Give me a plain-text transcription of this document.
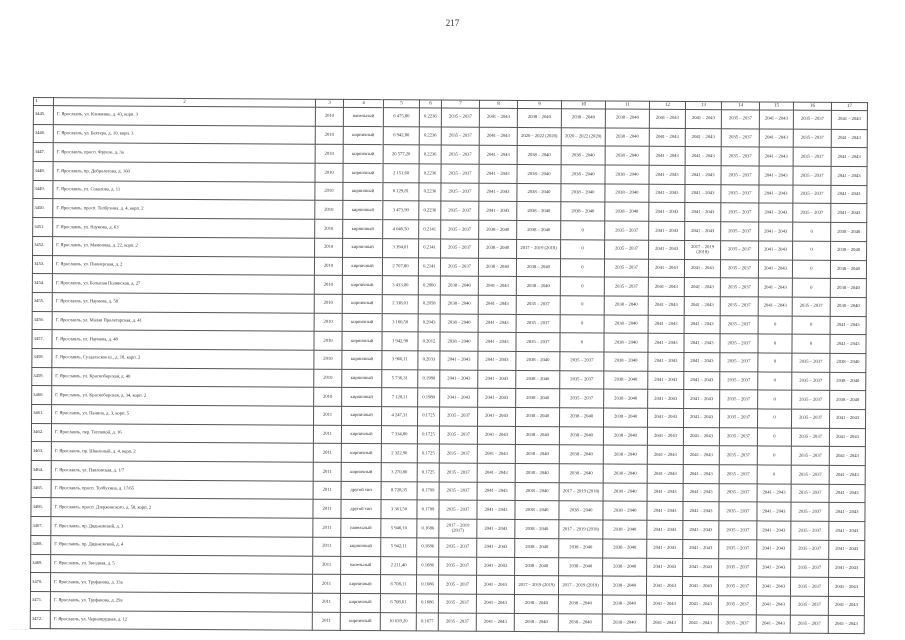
217
1	2	3	4	5	6	7	8	9	10	11	12	13	14	15	16	17
3445.	Г. Ярославль, ул. Клименко, д. 43, корп. 3	2010	панельный	6 475,80	0.2236	2035 – 2037	2041 – 2043	2038 – 2040	2038 – 2040	2038 – 2040	2041 – 2043	2041 – 2043	2035 – 2037	2041 – 2043	2035 – 2037	2041 – 2043
3446.	Г. Ярославль, ул. Бехтера, д. 10, корп. 3	2010	кирпичный	6 942,80	0.2236	2035 – 2037	2041 – 2043	2020 – 2022 (2020)	2020 – 2022 (2020)	2038 – 2040	2041 – 2043	2041 – 2043	2035 – 2037	2041 – 2043	2035 – 2037	2041 – 2043
3447.	Г. Ярославль, просп. Фрунзе, д. 3а	2010	кирпичный	20 577,20	0.2236	2035 – 2037	2041 – 2043	2038 – 2040	2038 – 2040	2038 – 2040	2041 – 2043	2041 – 2043	2035 – 2037	2041 – 2043	2035 – 2037	2041 – 2043
3448.	Г. Ярославль, пр. Добролетова, д. 160	2010	кирпичный	2 151,60	0.2236	2035 – 2037	2041 – 2043	2038 – 2040	2038 – 2040	2038 – 2040	2041 – 2043	2041 – 2043	2035 – 2037	2041 – 2043	2035 – 2037	2041 – 2043
3449.	Г. Ярославль, ул. Соколова, д. 11	2010	кирпичный	6 129,81	0.2236	2035 – 2037	2041 – 2043	2038 – 2040	2038 – 2040	2038 – 2040	2041 – 2043	2041 – 2043	2035 – 2037	2041 – 2043	2035 – 2037	2041 – 2043
3450.	Г. Ярославль, просп. Толбухина, д. 4, корп. 2	2010	кирпичный	3 473,90	0.2236	2035 – 2037	2041 – 2043	2038 – 2040	2038 – 2040	2038 – 2040	2041 – 2043	2041 – 2043	2035 – 2037	2041 – 2043	2035 – 2037	2041 – 2043
3451.	Г. Ярославль, ул. Наумова, д. 63	2010	кирпичный	4 046,50	0.2141	2035 – 2037	2038 – 2040	2038 – 2040	0	2035 – 2037	2041 – 2043	2041 – 2043	2035 – 2037	2041 – 2043	0	2038 – 2040
3452.	Г. Ярославль, ул. Мамонова, д. 22, корп. 2	2010	кирпичный	3 394,01	0.2141	2035 – 2037	2038 – 2040	2017 – 2019 (2018)	0	2035 – 2037	2041 – 2043	2017 – 2019 (2018)	2035 – 2037	2041 – 2043	0	2038 – 2040
3453.	Г. Ярославль, ул. Пионерская, д. 2	2010	кирпичный	2 707,80	0.2141	2035 – 2037	2038 – 2040	2038 – 2040	0	2035 – 2037	2041 – 2043	2041 – 2043	2035 – 2037	2041 – 2043	0	2038 – 2040
3454.	Г. Ярославль, ул. Большая Полянская, д. 27	2010	кирпичный	3 433,00	0.2060	2038 – 2040	2041 – 2043	2038 – 2040	0	2035 – 2037	2041 – 2043	2041 – 2043	2035 – 2037	2041 – 2043	0	2038 – 2040
3455.	Г. Ярославль, ул. Наумова, д. 58	2010	кирпичный	2 338,01	0.2058	2038 – 2040	2041 – 2043	2035 – 2037	0	2038 – 2040	2041 – 2043	2041 – 2043	2035 – 2037	2041 – 2043	2035 – 2037	2038 – 2040
3456.	Г. Ярославль, ул. Малая Пролетарская, д. 41	2010	кирпичный	3 160,50	0.2043	2038 – 2040	2041 – 2043	2035 – 2037	0	2038 – 2040	2041 – 2043	2041 – 2043	2035 – 2037	0	0	2041 – 2043
3457.	Г. Ярославль, ул. Наумова, д. 48	2010	кирпичный	1 942,98	0.2012	2038 – 2040	2041 – 2043	2035 – 2037	0	2038 – 2040	2041 – 2043	2041 – 2043	2035 – 2037	0	0	2041 – 2043
3458.	Г. Ярославль, Суздальское ш., д. 18, корп. 2	2010	кирпичный	3 960,11	0.2033	2041 – 2043	2041 – 2043	2038 – 2040	2035 – 2037	2038 – 2040	2041 – 2043	2041 – 2043	2035 – 2037	0	2035 – 2037	2038 – 2040
3459.	Г. Ярославль, ул. Красноборская, д. 40	2010	кирпичный	5 736,31	0.1980	2041 – 2043	2041 – 2043	2038 – 2040	2035 – 2037	2038 – 2040	2041 – 2043	2041 – 2043	2035 – 2037	0	2035 – 2037	2038 – 2040
3460.	Г. Ярославль, ул. Красноборская, д. 34, корп. 2	2010	кирпичный	7 120,11	0.1980	2041 – 2043	2041 – 2043	2038 – 2040	2035 – 2037	2038 – 2040	2041 – 2043	2041 – 2043	2035 – 2037	0	2035 – 2037	2038 – 2040
3461.	Г. Ярославль, ул. Панина, д. 3, корп. 5	2011	кирпичный	4 247,31	0.1725	2035 – 2037	2041 – 2043	2038 – 2040	2038 – 2040	2038 – 2040	2041 – 2043	2041 – 2043	2035 – 2037	0	2035 – 2037	2041 – 2043
3462.	Г. Ярославль, пер. Тепловой, д. 16	2011	кирпичный	7 334,80	0.1725	2035 – 2037	2041 – 2043	2038 – 2040	2038 – 2040	2038 – 2040	2041 – 2043	2041 – 2043	2035 – 2037	0	2035 – 2037	2041 – 2043
3463.	Г. Ярославль, пр. Школьный, д. 4, корп. 2	2011	кирпичный	2 322,90	0.1725	2035 – 2037	2041 – 2043	2038 – 2040	2038 – 2040	2038 – 2040	2041 – 2043	2041 – 2043	2035 – 2037	0	2035 – 2037	2041 – 2043
3464.	Г. Ярославль, ул. Павловская, д. 1/7	2011	кирпичный	3 270,80	0.1725	2035 – 2037	2041 – 2043	2038 – 2040	2038 – 2040	2038 – 2040	2041 – 2043	2041 – 2043	2035 – 2037	0	2035 – 2037	2041 – 2043
3465.	Г. Ярославль, просп. Толбухина, д. 17/65	2011	другой тип	8 728,35	0.1709	2035 – 2037	2041 – 2043	2038 – 2040	2017 – 2019 (2018)	2038 – 2040	2041 – 2043	2041 – 2043	2035 – 2037	2041 – 2043	2035 – 2037	2041 – 2043
3466.	Г. Ярославль, просп. Дзержинского, д. 58, корп. 2	2011	другой тип	3 361,50	0.1709	2035 – 2037	2041 – 2043	2038 – 2040	2038 – 2040	2038 – 2040	2041 – 2043	2041 – 2043	2035 – 2037	2041 – 2043	2035 – 2037	2041 – 2043
3467.	Г. Ярославль, пр. Дядьковский, д. 3	2011	панельный	5 946,10	0.1686	2017 – 2019 (2017)	2041 – 2043	2038 – 2040	2017 – 2019 (2018)	2038 – 2040	2041 – 2043	2041 – 2043	2035 – 2037	2041 – 2043	2035 – 2037	2041 – 2043
3468.	Г. Ярославль, пр. Дядьковский, д. 4	2011	кирпичный	5 942,11	0.1686	2035 – 2037	2041 – 2043	2038 – 2040	2038 – 2040	2038 – 2040	2041 – 2043	2041 – 2043	2035 – 2037	2041 – 2043	2035 – 2037	2041 – 2043
3469.	Г. Ярославль, ул. Звездная, д. 5	2011	панельный	2 211,40	0.1686	2035 – 2037	2041 – 2043	2038 – 2040	2038 – 2040	2038 – 2040	2041 – 2043	2041 – 2043	2035 – 2037	2041 – 2043	2035 – 2037	2041 – 2043
3470.	Г. Ярославль, ул. Труфанова, д. 33а	2011	кирпичный	6 708,11	0.1686	2035 – 2037	2041 – 2043	2017 – 2019 (2019)	2017 – 2019 (2019)	2038 – 2040	2041 – 2043	2041 – 2043	2035 – 2037	2041 – 2043	2035 – 2037	2041 – 2043
3471.	Г. Ярославль, ул. Труфанова, д. 29а	2011	кирпичный	6 708,61	0.1686	2035 – 2037	2041 – 2043	2038 – 2040	2038 – 2040	2038 – 2040	2041 – 2043	2041 – 2043	2035 – 2037	2041 – 2043	2035 – 2037	2041 – 2043
3472.	Г. Ярославль, ул. Чернопрудная, д. 12	2011	кирпичный	10 639,20	0.1677	2035 – 2037	2041 – 2043	2038 – 2040	2038 – 2040	2038 – 2040	2041 – 2043	2041 – 2043	2035 – 2037	2041 – 2043	2035 – 2037	2041 – 2043
........................................................................................
